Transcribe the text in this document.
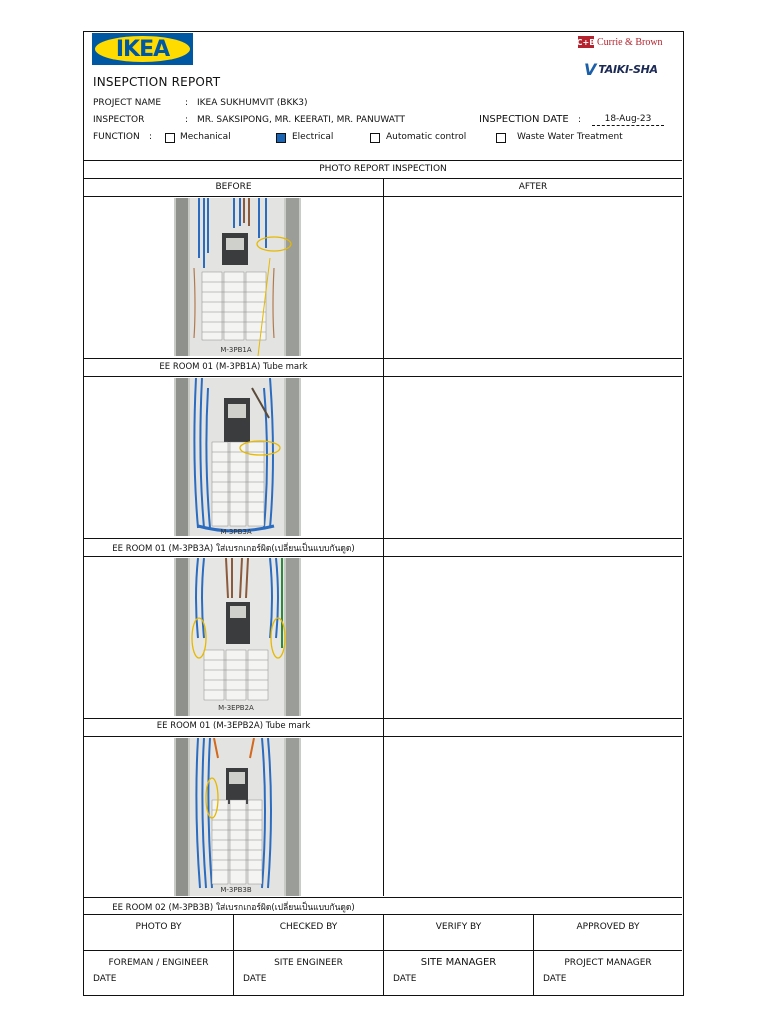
IKEA	C+B Currie & Brown
V TAIKI-SHA
INSEPCTION REPORT
PROJECT NAME	: IKEA SUKHUMVIT (BKK3)
INSPECTOR	: MR. SAKSIPONG, MR. KEERATI, MR. PANUWATT	INSPECTION DATE :	18-Aug-23
FUNCTION :	Mechanical	Electrical	Automatic control	Waste Water Treatment
PHOTO REPORT INSPECTION
BEFORE	AFTER
EE ROOM 01 (M-3PB1A) Tube mark
EE ROOM 01 (M-3PB3A) ใส่เบรกเกอร์ผิด(เปลี่ยนเป็นแบบกันดูด)
EE ROOM 01 (M-3EPB2A) Tube mark
EE ROOM 02 (M-3PB3B) ใส่เบรกเกอร์ผิด(เปลี่ยนเป็นแบบกันดูด)
M-3PB1A
M-3PB3A
M-3EPB2A
M-3PB3B
PHOTO BY	CHECKED BY	VERIFY BY	APPROVED BY
FOREMAN / ENGINEER	SITE ENGINEER	SITE MANAGER	PROJECT MANAGER
DATE	DATE	DATE	DATE
